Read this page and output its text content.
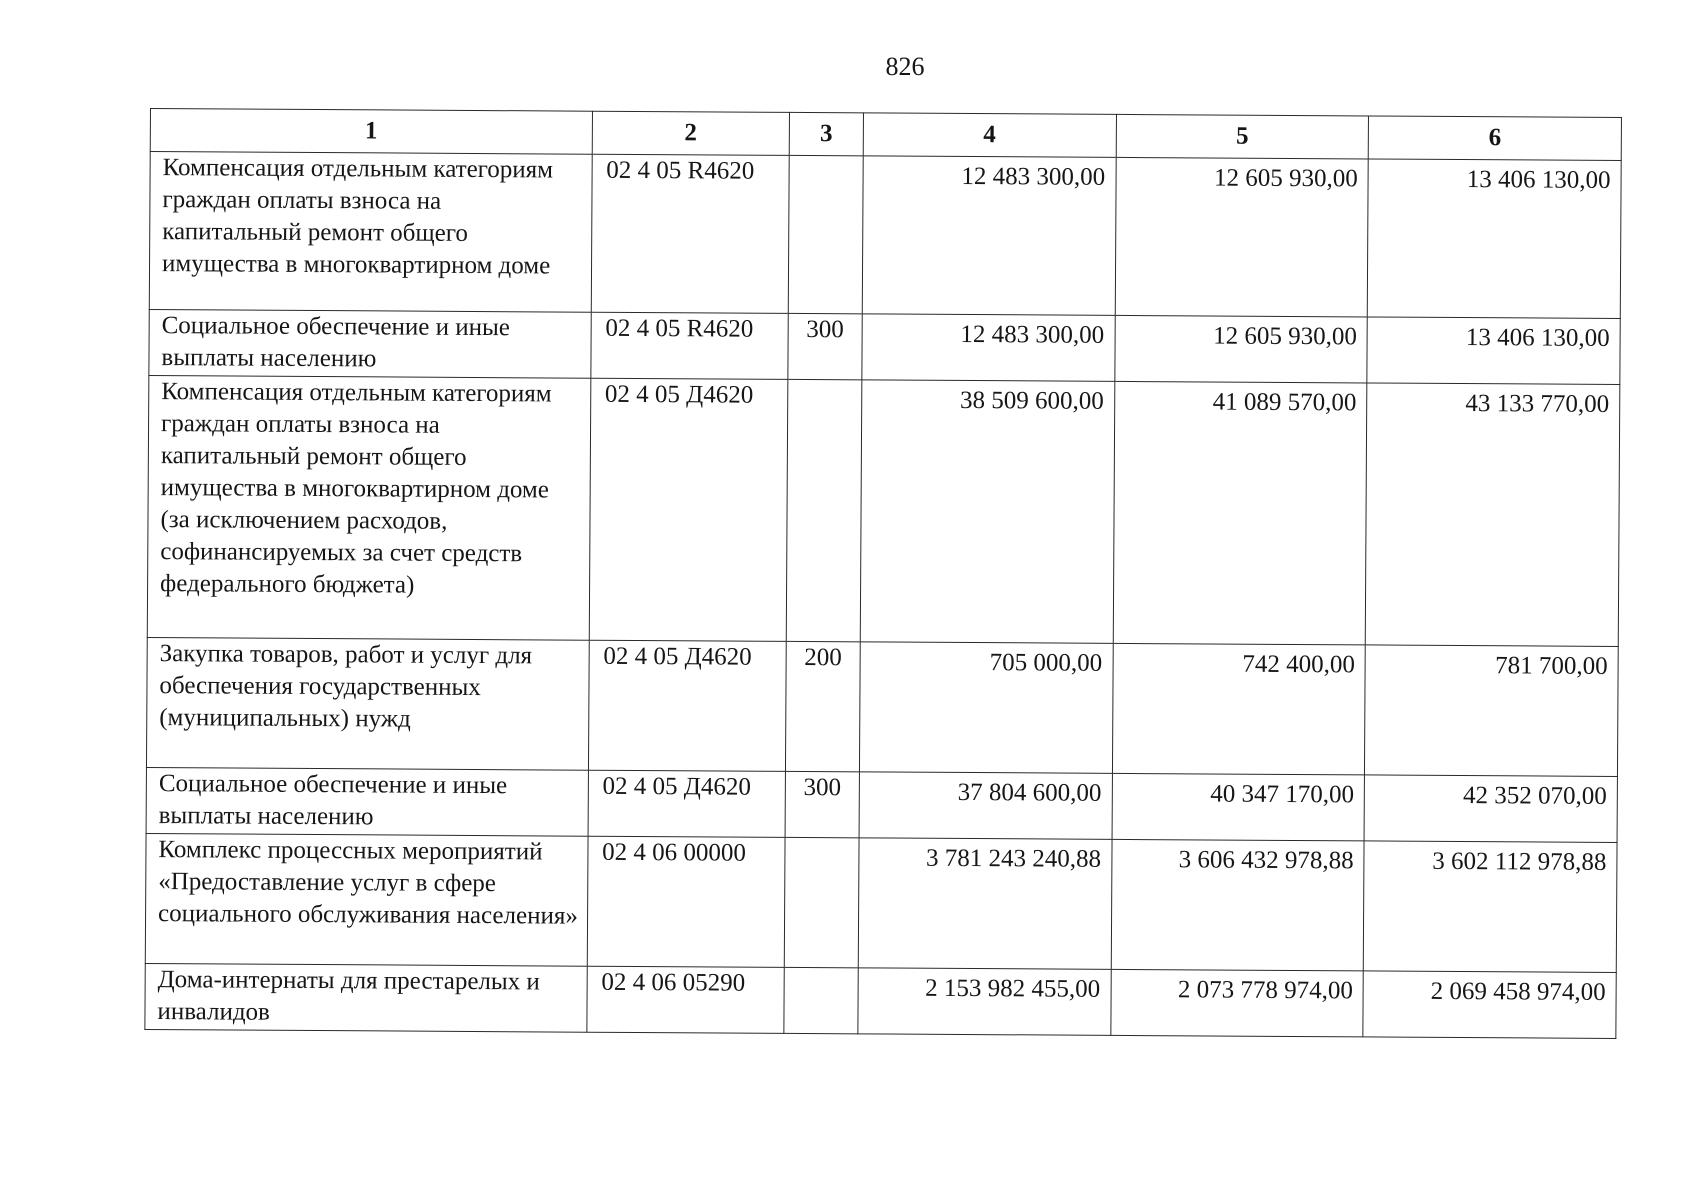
826
1	2	3	4	5	6
Компенсация отдельным категориям граждан оплаты взноса на капитальный ремонт общего имущества в многоквартирном доме	02 4 05 R4620		12 483 300,00	12 605 930,00	13 406 130,00
Социальное обеспечение и иные выплаты населению	02 4 05 R4620	300	12 483 300,00	12 605 930,00	13 406 130,00
Компенсация отдельным категориям граждан оплаты взноса на капитальный ремонт общего имущества в многоквартирном доме (за исключением расходов, софинансируемых за счет средств федерального бюджета)	02 4 05 Д4620		38 509 600,00	41 089 570,00	43 133 770,00
Закупка товаров, работ и услуг для обеспечения государственных (муниципальных) нужд	02 4 05 Д4620	200	705 000,00	742 400,00	781 700,00
Социальное обеспечение и иные выплаты населению	02 4 05 Д4620	300	37 804 600,00	40 347 170,00	42 352 070,00
Комплекс процессных мероприятий «Предоставление услуг в сфере социального обслуживания населения»	02 4 06 00000		3 781 243 240,88	3 606 432 978,88	3 602 112 978,88
Дома-интернаты для престарелых и инвалидов	02 4 06 05290		2 153 982 455,00	2 073 778 974,00	2 069 458 974,00
